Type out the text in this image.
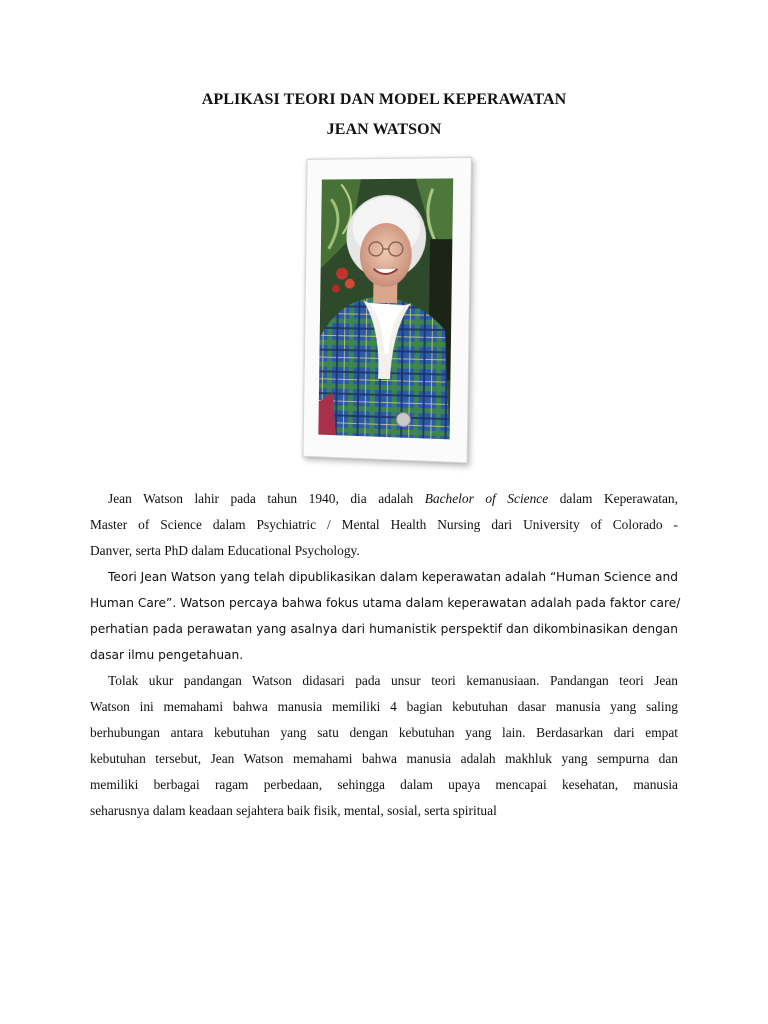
APLIKASI TEORI DAN MODEL KEPERAWATAN
JEAN WATSON
Jean Watson lahir pada tahun 1940, dia adalah Bachelor of Science dalam Keperawatan,
Master of Science dalam Psychiatric / Mental Health Nursing dari University of Colorado -
Danver, serta PhD dalam Educational Psychology.
Teori Jean Watson yang telah dipublikasikan dalam keperawatan adalah “Human Science and
Human Care”. Watson percaya bahwa fokus utama dalam keperawatan adalah pada faktor care/
perhatian pada perawatan yang asalnya dari humanistik perspektif dan dikombinasikan dengan
dasar ilmu pengetahuan.
Tolak ukur pandangan Watson didasari pada unsur teori kemanusiaan. Pandangan teori Jean
Watson ini memahami bahwa manusia memiliki 4 bagian kebutuhan dasar manusia yang saling
berhubungan antara kebutuhan yang satu dengan kebutuhan yang lain. Berdasarkan dari empat
kebutuhan tersebut, Jean Watson memahami bahwa manusia adalah makhluk yang sempurna dan
memiliki berbagai ragam perbedaan, sehingga dalam upaya mencapai kesehatan, manusia
seharusnya dalam keadaan sejahtera baik fisik, mental, sosial, serta spiritual
